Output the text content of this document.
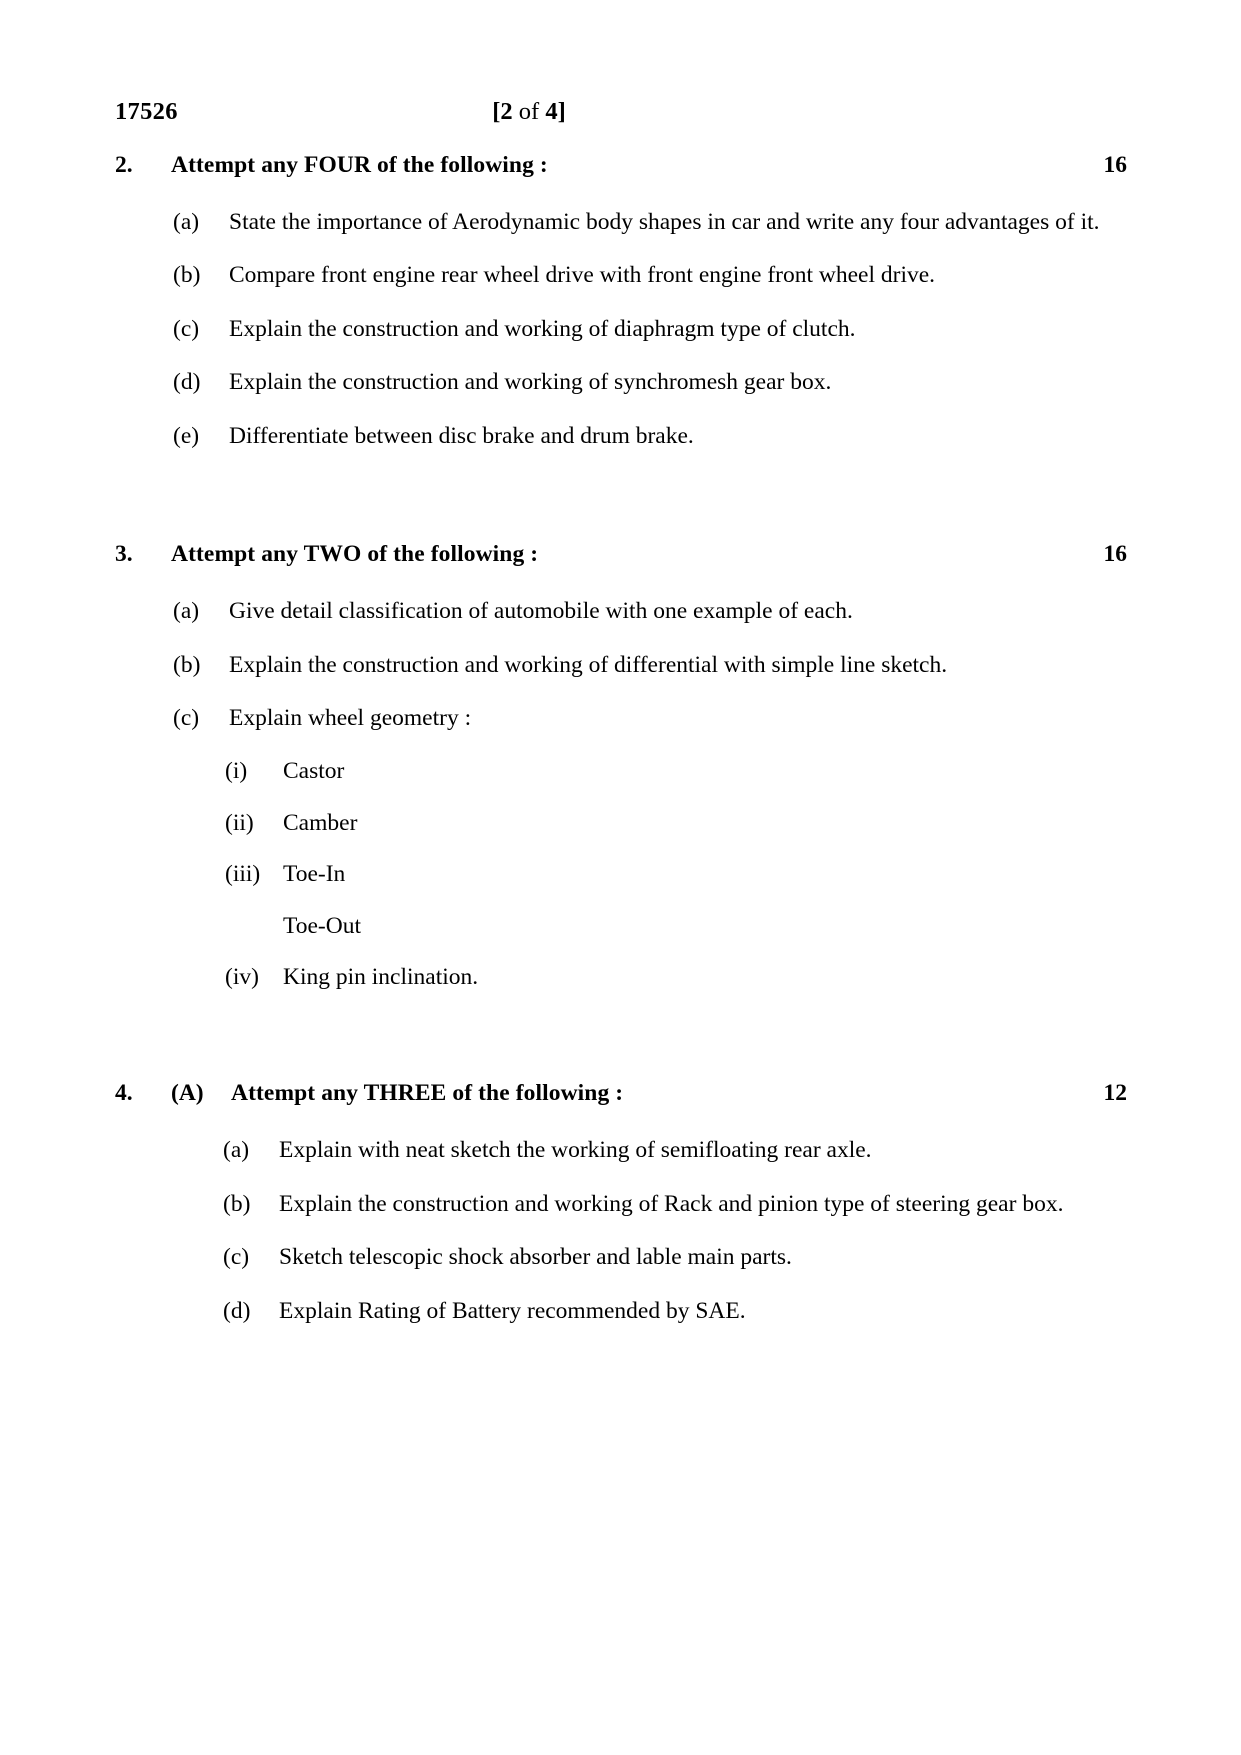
17526	[2 of 4]
2.	Attempt any FOUR of the following :	16
(a)	State the importance of Aerodynamic body shapes in car and write any four advantages of it.
(b)	Compare front engine rear wheel drive with front engine front wheel drive.
(c)	Explain the construction and working of diaphragm type of clutch.
(d)	Explain the construction and working of synchromesh gear box.
(e)	Differentiate between disc brake and drum brake.
3.	Attempt any TWO of the following :	16
(a)	Give detail classification of automobile with one example of each.
(b)	Explain the construction and working of differential with simple line sketch.
(c)	Explain wheel geometry :
(i)	Castor
(ii)	Camber
(iii) Toe-In
Toe-Out
(iv)	King pin inclination.
4.	(A)	Attempt any THREE of the following :	12
(a)	Explain with neat sketch the working of semifloating rear axle.
(b)	Explain the construction and working of Rack and pinion type of steering gear box.
(c)	Sketch telescopic shock absorber and lable main parts.
(d)	Explain Rating of Battery recommended by SAE.
